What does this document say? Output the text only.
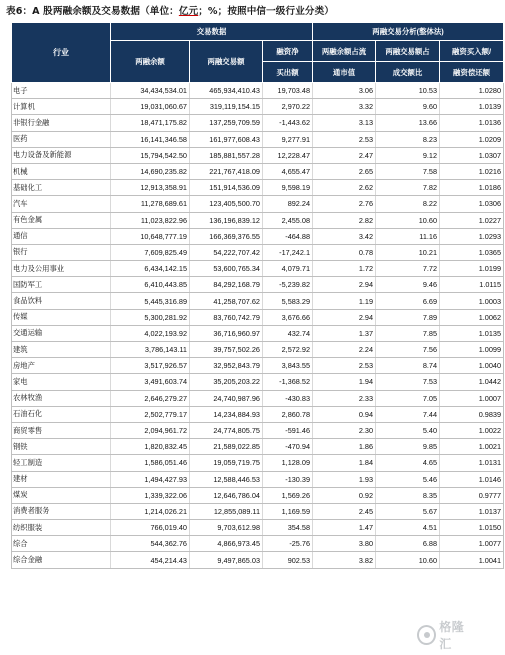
表6：A 股两融余额及交易数据（单位：亿元；%；按照中信一级行业分类）
行业	交易数据			两融交易分析(整体法)		
	两融余额	两融交易额	融资净	两融余额占流	两融交易额占	融资买入额/
			买出额	通市值	成交额比	融资偿还额
电子	34,434,534.01	465,934,410.43	19,703.48	3.06	10.53	1.0280
计算机	19,031,060.67	319,119,154.15	2,970.22	3.32	9.60	1.0139
非银行金融	18,471,175.82	137,259,709.59	-1,443.62	3.13	13.66	1.0136
医药	16,141,346.58	161,977,608.43	9,277.91	2.53	8.23	1.0209
电力设备及新能源	15,794,542.50	185,881,557.28	12,228.47	2.47	9.12	1.0307
机械	14,690,235.82	221,767,418.09	4,655.47	2.65	7.58	1.0216
基础化工	12,913,358.91	151,914,536.09	9,598.19	2.62	7.82	1.0186
汽车	11,278,689.61	123,405,500.70	892.24	2.76	8.22	1.0306
有色金属	11,023,822.96	136,196,839.12	2,455.08	2.82	10.60	1.0227
通信	10,648,777.19	166,369,376.55	-464.88	3.42	11.16	1.0293
银行	7,609,825.49	54,222,707.42	-17,242.1	0.78	10.21	1.0365
电力及公用事业	6,434,142.15	53,600,765.34	4,079.71	1.72	7.72	1.0199
国防军工	6,410,443.85	84,292,168.79	-5,239.82	2.94	9.46	1.0115
食品饮料	5,445,316.89	41,258,707.62	5,583.29	1.19	6.69	1.0003
传媒	5,300,281.92	83,760,742.79	3,676.66	2.94	7.89	1.0062
交通运输	4,022,193.92	36,716,960.97	432.74	1.37	7.85	1.0135
建筑	3,786,143.11	39,757,502.26	2,572.92	2.24	7.56	1.0099
房地产	3,517,926.57	32,952,843.79	3,843.55	2.53	8.74	1.0040
家电	3,491,603.74	35,205,203.22	-1,368.52	1.94	7.53	1.0442
农林牧渔	2,646,279.27	24,740,987.96	-430.83	2.33	7.05	1.0007
石油石化	2,502,779.17	14,234,884.93	2,860.78	0.94	7.44	0.9839
商贸零售	2,094,961.72	24,774,805.75	-591.46	2.30	5.40	1.0022
钢铁	1,820,832.45	21,589,022.85	-470.94	1.86	9.85	1.0021
轻工制造	1,586,051.46	19,059,719.75	1,128.09	1.84	4.65	1.0131
建材	1,494,427.93	12,588,446.53	-130.39	1.93	5.46	1.0146
煤炭	1,339,322.06	12,646,786.04	1,569.26	0.92	8.35	0.9777
消费者服务	1,214,026.21	12,855,089.11	1,169.59	2.45	5.67	1.0137
纺织服装	766,019.40	9,703,612.98	354.58	1.47	4.51	1.0150
综合	544,362.76	4,866,973.45	-25.76	3.80	6.88	1.0077
综合金融	454,214.43	9,497,865.03	902.53	3.82	10.60	1.0041
格隆汇
